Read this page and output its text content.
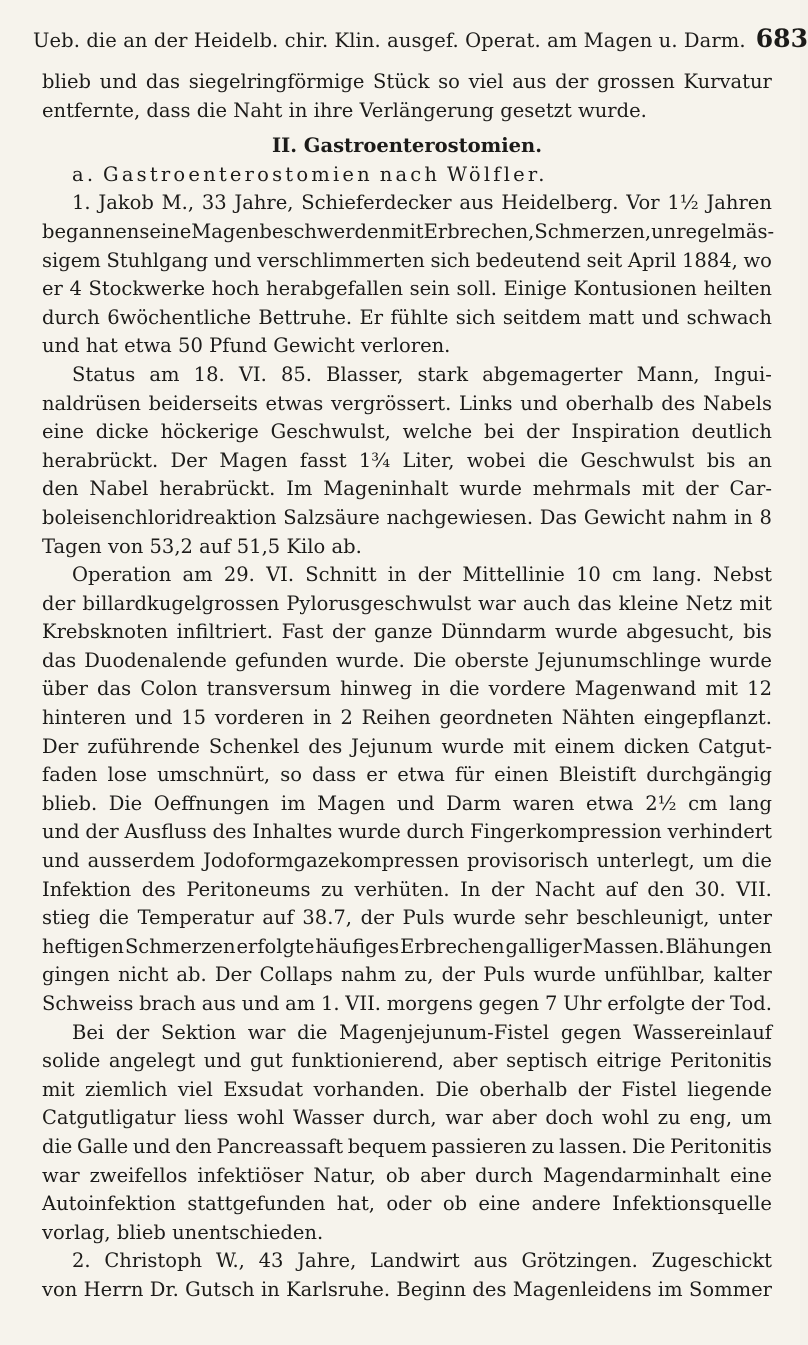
Ueb. die an der Heidelb. chir. Klin. ausgef. Operat. am Magen u. Darm. 683
blieb und das siegelringförmige Stück so viel aus der grossen Kurvatur
entfernte, dass die Naht in ihre Verlängerung gesetzt wurde.
II. Gastroenterostomien.
a. Gastroenterostomien nach Wölfler.
1. Jakob M., 33 Jahre, Schieferdecker aus Heidelberg. Vor 1½ Jahren
begannen seine Magenbeschwerden mit Erbrechen, Schmerzen, unregelmäs-
sigem Stuhlgang und verschlimmerten sich bedeutend seit April 1884, wo
er 4 Stockwerke hoch herabgefallen sein soll. Einige Kontusionen heilten
durch 6wöchentliche Bettruhe. Er fühlte sich seitdem matt und schwach
und hat etwa 50 Pfund Gewicht verloren.
Status am 18. VI. 85. Blasser, stark abgemagerter Mann, Ingui-
naldrüsen beiderseits etwas vergrössert. Links und oberhalb des Nabels
eine dicke höckerige Geschwulst, welche bei der Inspiration deutlich
herabrückt. Der Magen fasst 1¾ Liter, wobei die Geschwulst bis an
den Nabel herabrückt. Im Mageninhalt wurde mehrmals mit der Car-
boleisenchloridreaktion Salzsäure nachgewiesen. Das Gewicht nahm in 8
Tagen von 53,2 auf 51,5 Kilo ab.
Operation am 29. VI. Schnitt in der Mittellinie 10 cm lang. Nebst
der billardkugelgrossen Pylorusgeschwulst war auch das kleine Netz mit
Krebsknoten infiltriert. Fast der ganze Dünndarm wurde abgesucht, bis
das Duodenalende gefunden wurde. Die oberste Jejunumschlinge wurde
über das Colon transversum hinweg in die vordere Magenwand mit 12
hinteren und 15 vorderen in 2 Reihen geordneten Nähten eingepflanzt.
Der zuführende Schenkel des Jejunum wurde mit einem dicken Catgut-
faden lose umschnürt, so dass er etwa für einen Bleistift durchgängig
blieb. Die Oeffnungen im Magen und Darm waren etwa 2½ cm lang
und der Ausfluss des Inhaltes wurde durch Fingerkompression verhindert
und ausserdem Jodoformgazekompressen provisorisch unterlegt, um die
Infektion des Peritoneums zu verhüten. In der Nacht auf den 30. VII.
stieg die Temperatur auf 38.7, der Puls wurde sehr beschleunigt, unter
heftigen Schmerzen erfolgte häufiges Erbrechen galliger Massen. Blähungen
gingen nicht ab. Der Collaps nahm zu, der Puls wurde unfühlbar, kalter
Schweiss brach aus und am 1. VII. morgens gegen 7 Uhr erfolgte der Tod.
Bei der Sektion war die Magenjejunum-Fistel gegen Wassereinlauf
solide angelegt und gut funktionierend, aber septisch eitrige Peritonitis
mit ziemlich viel Exsudat vorhanden. Die oberhalb der Fistel liegende
Catgutligatur liess wohl Wasser durch, war aber doch wohl zu eng, um
die Galle und den Pancreassaft bequem passieren zu lassen. Die Peritonitis
war zweifellos infektiöser Natur, ob aber durch Magendarminhalt eine
Autoinfektion stattgefunden hat, oder ob eine andere Infektionsquelle
vorlag, blieb unentschieden.
2. Christoph W., 43 Jahre, Landwirt aus Grötzingen. Zugeschickt
von Herrn Dr. Gutsch in Karlsruhe. Beginn des Magenleidens im Sommer
